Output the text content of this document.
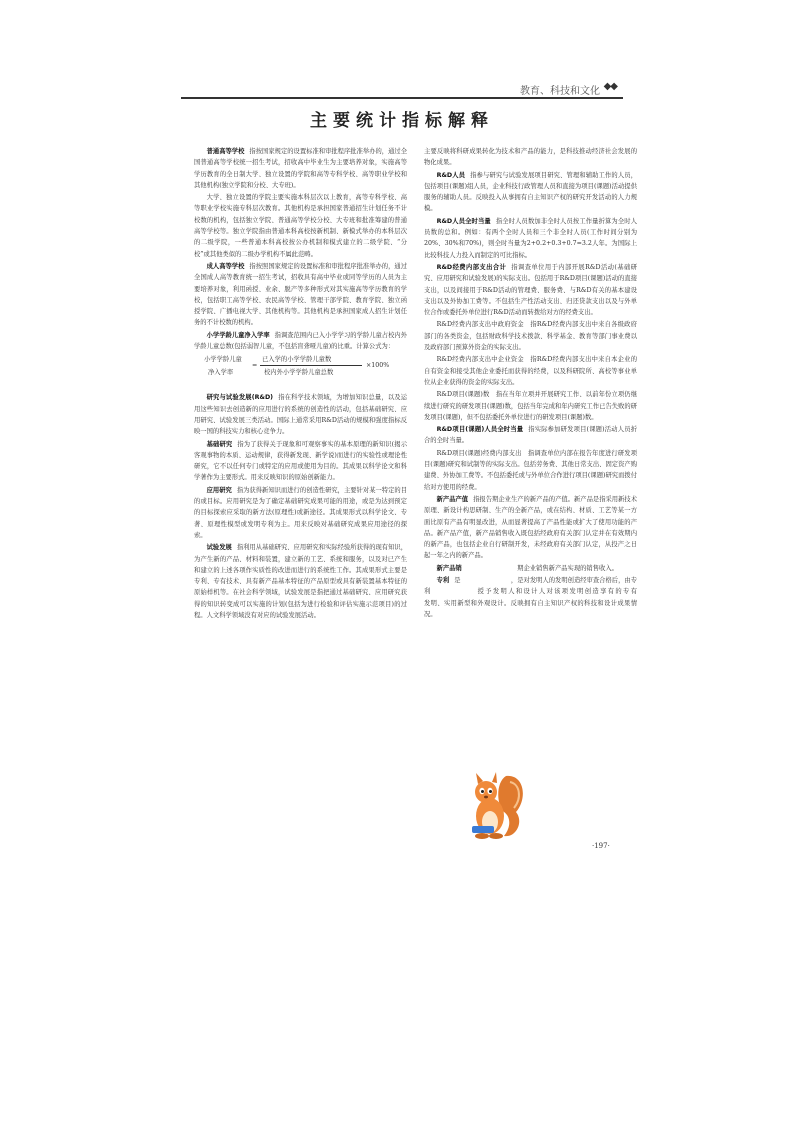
教育、科技和文化 ◆◆
主要统计指标解释

普通高等学校 指按国家规定的设置标准和审批程序批准举办的，通过全国普通高等学校统一招生考试，招收高中毕业生为主要培养对象，实施高等学历教育的全日制大学、独立设置的学院和高等专科学校、高等职业学校和其他机构(独立学院和分校、大专班)。

大学、独立设置的学院主要实施本科层次以上教育，高等专科学校、高等职业学校实施专科层次教育。其他机构是承担国家普通招生计划任务不计校数的机构，包括独立学院、普通高等学校分校、大专班和批准筹建的普通高等学校等。独立学院指由普通本科高校按新机制、新模式举办的本科层次的二级学院，一些普通本科高校按公办机制和模式建立的二级学院、“分校”或其他类似的二级办学机构不属此范畴。

成人高等学校 指按照国家规定的设置标准和审批程序批准举办的，通过全国成人高等教育统一招生考试，招收具有高中毕业或同等学历的人员为主要培养对象，利用函授、业余、脱产等多种形式对其实施高等学历教育的学校，包括职工高等学校、农民高等学校、管理干部学院、教育学院、独立函授学院、广播电视大学、其他机构等。其他机构是承担国家成人招生计划任务的不计校数的机构。

小学学龄儿童净入学率 指调查范围内已入小学学习的学龄儿童占校内外学龄儿童总数(包括弱智儿童，不包括盲聋哑儿童)的比重。计算公式为：

小学学龄儿童
净入学率
=
已入学的小学学龄儿童数
校内外小学学龄儿童总数
×100%

研究与试验发展(R&D) 指在科学技术领域，为增加知识总量，以及运用这些知识去创造新的应用进行的系统的创造性的活动，包括基础研究、应用研究、试验发展三类活动。国际上通常采用R&D活动的规模和强度指标反映一国的科技实力和核心竞争力。

基础研究 指为了获得关于现象和可观察事实的基本原理的新知识(揭示客观事物的本质、运动规律，获得新发现、新学说)而进行的实验性或理论性研究，它不以任何专门或特定的应用或使用为目的。其成果以科学论文和科学著作为主要形式。用来反映知识的原始创新能力。

应用研究 指为获得新知识而进行的创造性研究，主要针对某一特定的目的或目标。应用研究是为了确定基础研究成果可能的用途，或是为达到预定的目标探索应采取的新方法(原理性)或新途径。其成果形式以科学论文、专著、原理性模型或发明专利为主。用来反映对基础研究成果应用途径的探索。

试验发展 指利用从基础研究、应用研究和实际经验所获得的现有知识，为产生新的产品、材料和装置，建立新的工艺、系统和服务，以及对已产生和建立的上述各项作实质性的改进而进行的系统性工作。其成果形式主要是专利、专有技术、具有新产品基本特征的产品原型或具有新装置基本特征的原始样机等。在社会科学领域，试验发展是指把通过基础研究、应用研究获得的知识转变成可以实施的计划(包括为进行检验和评估实施示范项目)的过程。人文科学领域没有对应的试验发展活动。

主要反映将科研成果转化为技术和产品的能力，是科技推动经济社会发展的物化成果。

R&D人员 指参与研究与试验发展项目研究、管理和辅助工作的人员，包括项目(课题)组人员，企业科技行政管理人员和直接为项目(课题)活动提供服务的辅助人员。反映投入从事拥有自主知识产权的研究开发活动的人力规模。

R&D人员全时当量 指全时人员数加非全时人员按工作量折算为全时人员数的总和。例如：有两个全时人员和三个非全时人员(工作时间分别为20%、30%和70%)，则全时当量为2+0.2+0.3+0.7=3.2人年。为国际上比较科技人力投入而制定的可比指标。

R&D经费内部支出合计 指调查单位用于内部开展R&D活动(基础研究、应用研究和试验发展)的实际支出。包括用于R&D项目(课题)活动的直接支出，以及间接用于R&D活动的管理费、服务费、与R&D有关的基本建设支出以及外协加工费等。不包括生产性活动支出、归还贷款支出以及与外单位合作或委托外单位进行R&D活动而转拨给对方的经费支出。

R&D经费内部支出中政府资金　指R&D经费内部支出中来自各级政府部门的各类资金，包括财政科学技术拨款、科学基金、教育等部门事业费以及政府部门预算外资金的实际支出。

R&D经费内部支出中企业资金　指R&D经费内部支出中来自本企业的自有资金和接受其他企业委托而获得的经费，以及科研院所、高校等事业单位从企业获得的资金的实际支出。

R&D项目(课题)数　指在当年立项并开展研究工作、以前年份立项仍继续进行研究的研发项目(课题)数，包括当年完成和年内研究工作已告失败的研发项目(课题)，但不包括委托外单位进行的研发项目(课题)数。

R&D项目(课题)人员全时当量 指实际参加研发项目(课题)活动人员折合的全时当量。

R&D项目(课题)经费内部支出　指调查单位内部在报告年度进行研发项目(课题)研究和试制等的实际支出。包括劳务费、其他日常支出、固定资产购建费、外协加工费等。不包括委托或与外单位合作进行项目(课题)研究而拨付给对方使用的经费。

新产品产值 指报告期企业生产的新产品的产值。新产品是指采用新技术原理、新设计构思研制、生产的全新产品，或在结构、材质、工艺等某一方面比原有产品有明显改进，从而显著提高了产品性能或扩大了使用功能的产品。新产品产值，新产品销售收入既包括经政府有关部门认定并在有效期内的新产品，也包括企业自行研制开发，未经政府有关部门认定，从投产之日起一年之内的新产品。

新产品销　　　　　　　　期企业销售新产品实现的销售收入。

专利 是　　　　　　　　，是对发明人的发明创造经审查合格后，由专利　　　　　　授予发明人和设计人对该项发明创造享有的专有　　　　　发明、实用新型和外观设计。反映拥有自主知识产权的科技和设计成果情况。

·197·
